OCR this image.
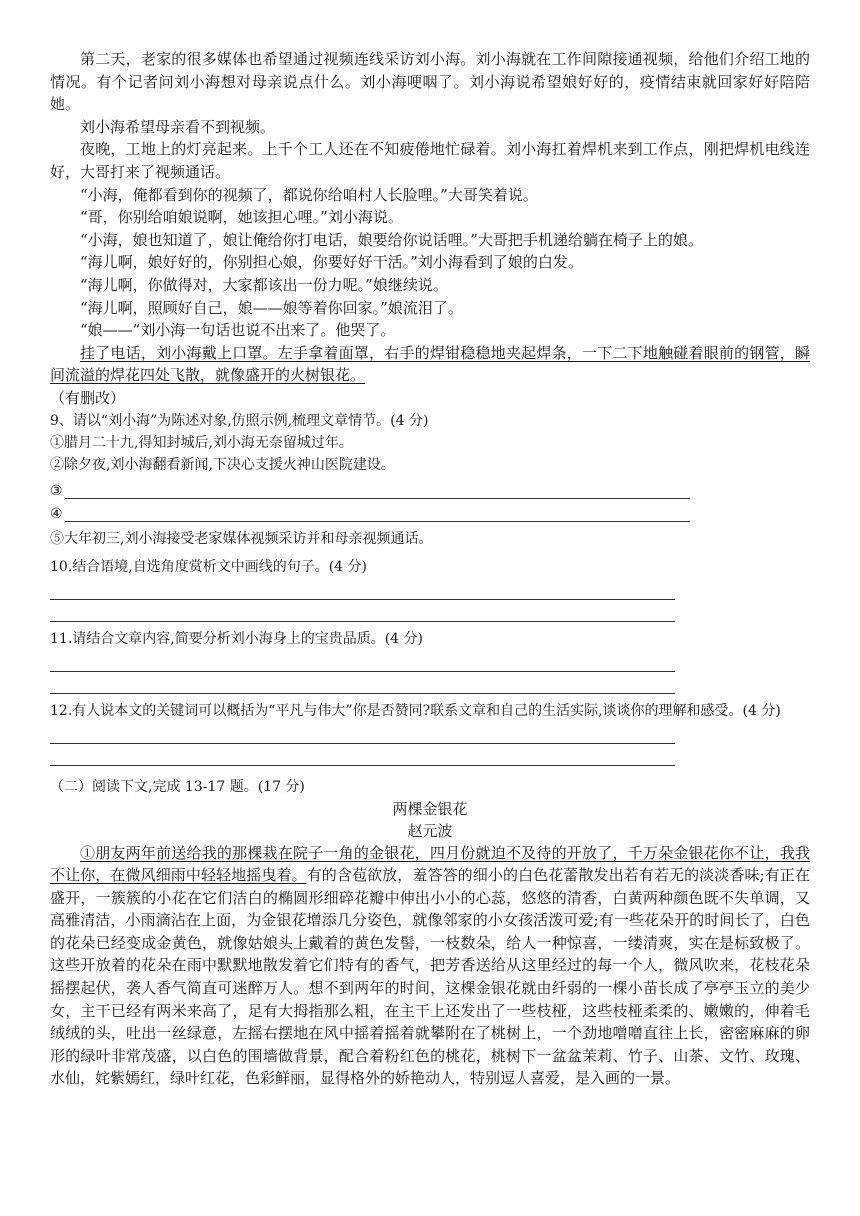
第二天，老家的很多媒体也希望通过视频连线采访刘小海。刘小海就在工作间隙接通视频，给他们介绍工地的情况。有个记者问刘小海想对母亲说点什么。刘小海哽咽了。刘小海说希望娘好好的，疫情结束就回家好好陪陪她。

刘小海希望母亲看不到视频。

夜晚，工地上的灯亮起来。上千个工人还在不知疲倦地忙碌着。刘小海扛着焊机来到工作点，刚把焊机电线连好，大哥打来了视频通话。

“小海，俺都看到你的视频了，都说你给咱村人长脸哩。”大哥笑着说。

“哥，你别给咱娘说啊，她该担心哩。”刘小海说。

“小海，娘也知道了，娘让俺给你打电话，娘要给你说话哩。”大哥把手机递给躺在椅子上的娘。

“海儿啊，娘好好的，你别担心娘，你要好好干活。”刘小海看到了娘的白发。

“海儿啊，你做得对，大家都该出一份力呢。”娘继续说。

“海儿啊，照顾好自己，娘——娘等着你回家。”娘流泪了。

“娘——”刘小海一句话也说不出来了。他哭了。

挂了电话，刘小海戴上口罩。左手拿着面罩，右手的焊钳稳稳地夹起焊条，一下二下地触碰着眼前的钢管，瞬间流溢的焊花四处飞散，就像盛开的火树银花。

（有删改）

9、请以“刘小海”为陈述对象,仿照示例,梳理文章情节。(4 分)

①腊月二十九,得知封城后,刘小海无奈留城过年。

②除夕夜,刘小海翻看新闻,下决心支援火神山医院建设。

③
④

⑤大年初三,刘小海接受老家媒体视频采访并和母亲视频通话。

10.结合语境,自选角度赏析文中画线的句子。(4 分)

11.请结合文章内容,简要分析刘小海身上的宝贵品质。(4 分)

12.有人说本文的关键词可以概括为“平凡与伟大”你是否赞同?联系文章和自己的生活实际,谈谈你的理解和感受。(4 分)

（二）阅读下文,完成 13-17 题。(17 分)

两棵金银花

赵元波

①朋友两年前送给我的那棵栽在院子一角的金银花，四月份就迫不及待的开放了，千万朵金银花你不让，我我不让你，在微风细雨中轻轻地摇曳着。有的含苞欲放，羞答答的细小的白色花蕾散发出若有若无的淡淡香味;有正在盛开，一簇簇的小花在它们洁白的椭圆形细碎花瓣中伸出小小的心蕊，悠悠的清香，白黄两种颜色既不失单调，又高雅清洁，小雨滴沾在上面，为金银花增添几分姿色，就像邻家的小女孩活泼可爱;有一些花朵开的时间长了，白色的花朵已经变成金黄色，就像姑娘头上戴着的黄色发髻，一枝数朵，给人一种惊喜，一缕清爽，实在是标致极了。这些开放着的花朵在雨中默默地散发着它们特有的香气，把芳香送给从这里经过的每一个人，微风吹来，花枝花朵摇摆起伏，袭人香气简直可迷醉万人。想不到两年的时间，这棵金银花就由纤弱的一棵小苗长成了亭亭玉立的美少女，主干已经有两米来高了，足有大拇指那么粗，在主干上还发出了一些枝桠，这些枝桠柔柔的、嫩嫩的，伸着毛绒绒的头，吐出一丝绿意，左摇右摆地在风中摇着摇着就攀附在了桃树上，一个劲地噌噌直往上长，密密麻麻的卵形的绿叶非常茂盛，以白色的围墙做背景，配合着粉红色的桃花，桃树下一盆盆茉莉、竹子、山茶、文竹、玫瑰、水仙，姹紫嫣红，绿叶红花，色彩鲜丽，显得格外的娇艳动人，特别逗人喜爱，是入画的一景。
